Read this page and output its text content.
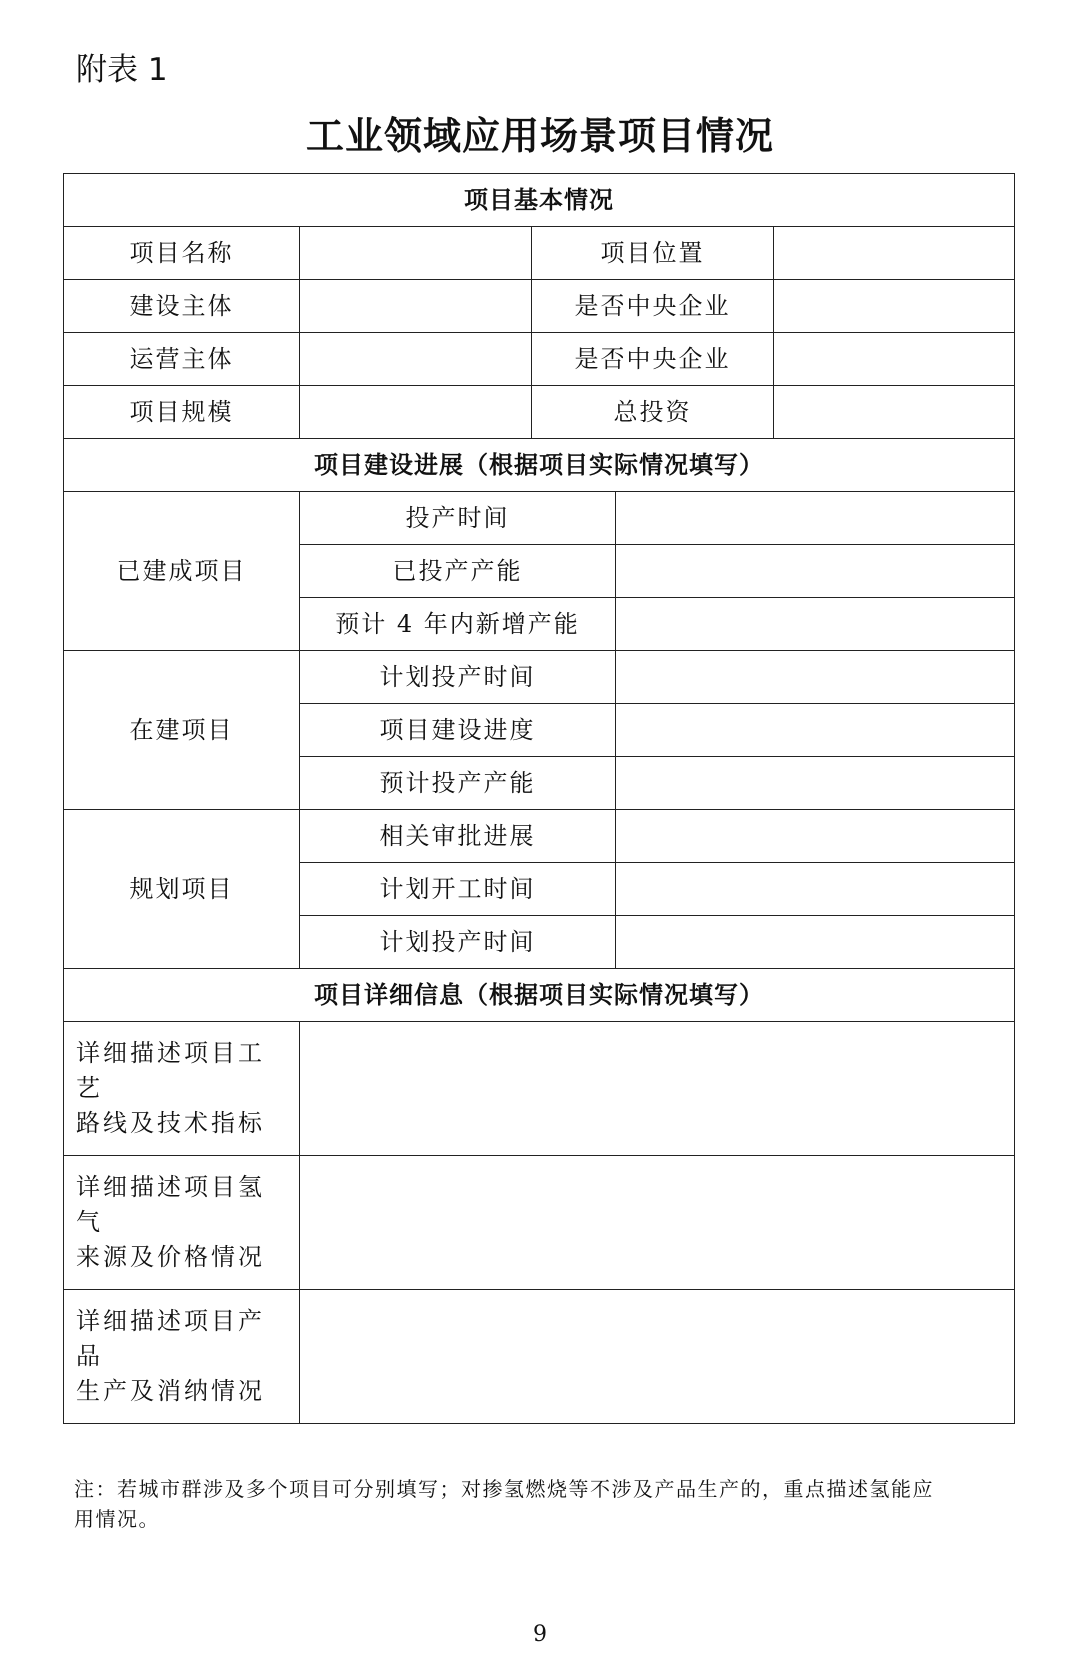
附表 1
工业领域应用场景项目情况
项目基本情况				
项目名称		项目位置		
建设主体		是否中央企业		
运营主体		是否中央企业		
项目规模		总投资		
项目建设进展（根据项目实际情况填写）				
已建成项目	投产时间			
	已投产产能			
	预计 4 年内新增产能			
在建项目	计划投产时间			
	项目建设进度			
	预计投产产能			
规划项目	相关审批进展			
	计划开工时间			
	计划投产时间			
项目详细信息（根据项目实际情况填写）				
详细描述项目工艺
路线及技术指标				
详细描述项目氢气
来源及价格情况				
详细描述项目产品
生产及消纳情况				
注：若城市群涉及多个项目可分别填写；对掺氢燃烧等不涉及产品生产的，重点描述氢能应
用情况。
9
